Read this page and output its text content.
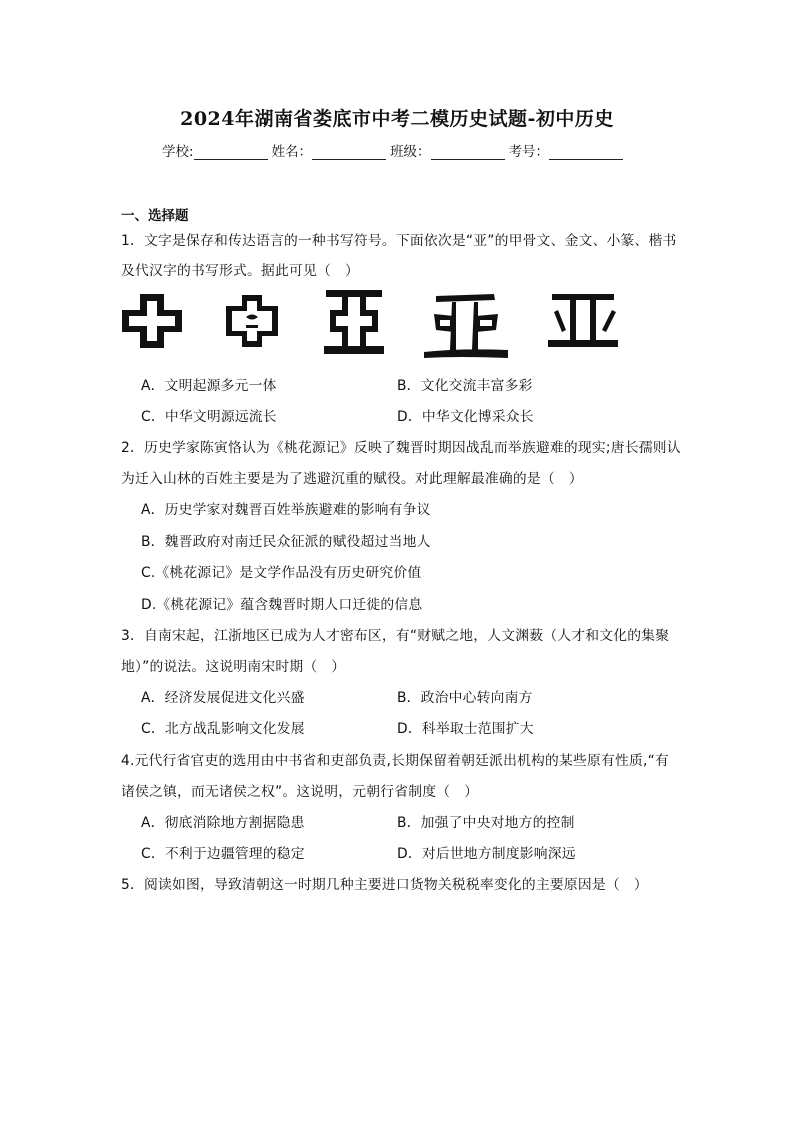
2024年湖南省娄底市中考二模历史试题-初中历史
学校:	姓名：	班级：	考号：
一、选择题
1．文字是保存和传达语言的一种书写符号。下面依次是“亚”的甲骨文、金文、小篆、楷书
及代汉字的书写形式。据此可见（　）
A．文明起源多元一体	B．文化交流丰富多彩
C．中华文明源远流长	D．中华文化博采众长
2．历史学家陈寅恪认为《桃花源记》反映了魏晋时期因战乱而举族避难的现实;唐长孺则认
为迁入山林的百姓主要是为了逃避沉重的赋役。对此理解最准确的是（　）
A．历史学家对魏晋百姓举族避难的影响有争议
B．魏晋政府对南迁民众征派的赋役超过当地人
C.《桃花源记》是文学作品没有历史研究价值
D.《桃花源记》蕴含魏晋时期人口迁徙的信息
3．自南宋起，江浙地区已成为人才密布区，有“财赋之地，人文渊薮（人才和文化的集聚
地）”的说法。这说明南宋时期（　）
A．经济发展促进文化兴盛	B．政治中心转向南方
C．北方战乱影响文化发展	D．科举取士范围扩大
4.元代行省官吏的选用由中书省和吏部负责,长期保留着朝廷派出机构的某些原有性质,“有
诸侯之镇，而无诸侯之权”。这说明，元朝行省制度（　）
A．彻底消除地方割据隐患	B．加强了中央对地方的控制
C．不利于边疆管理的稳定	D．对后世地方制度影响深远
5．阅读如图，导致清朝这一时期几种主要进口货物关税税率变化的主要原因是（　）
